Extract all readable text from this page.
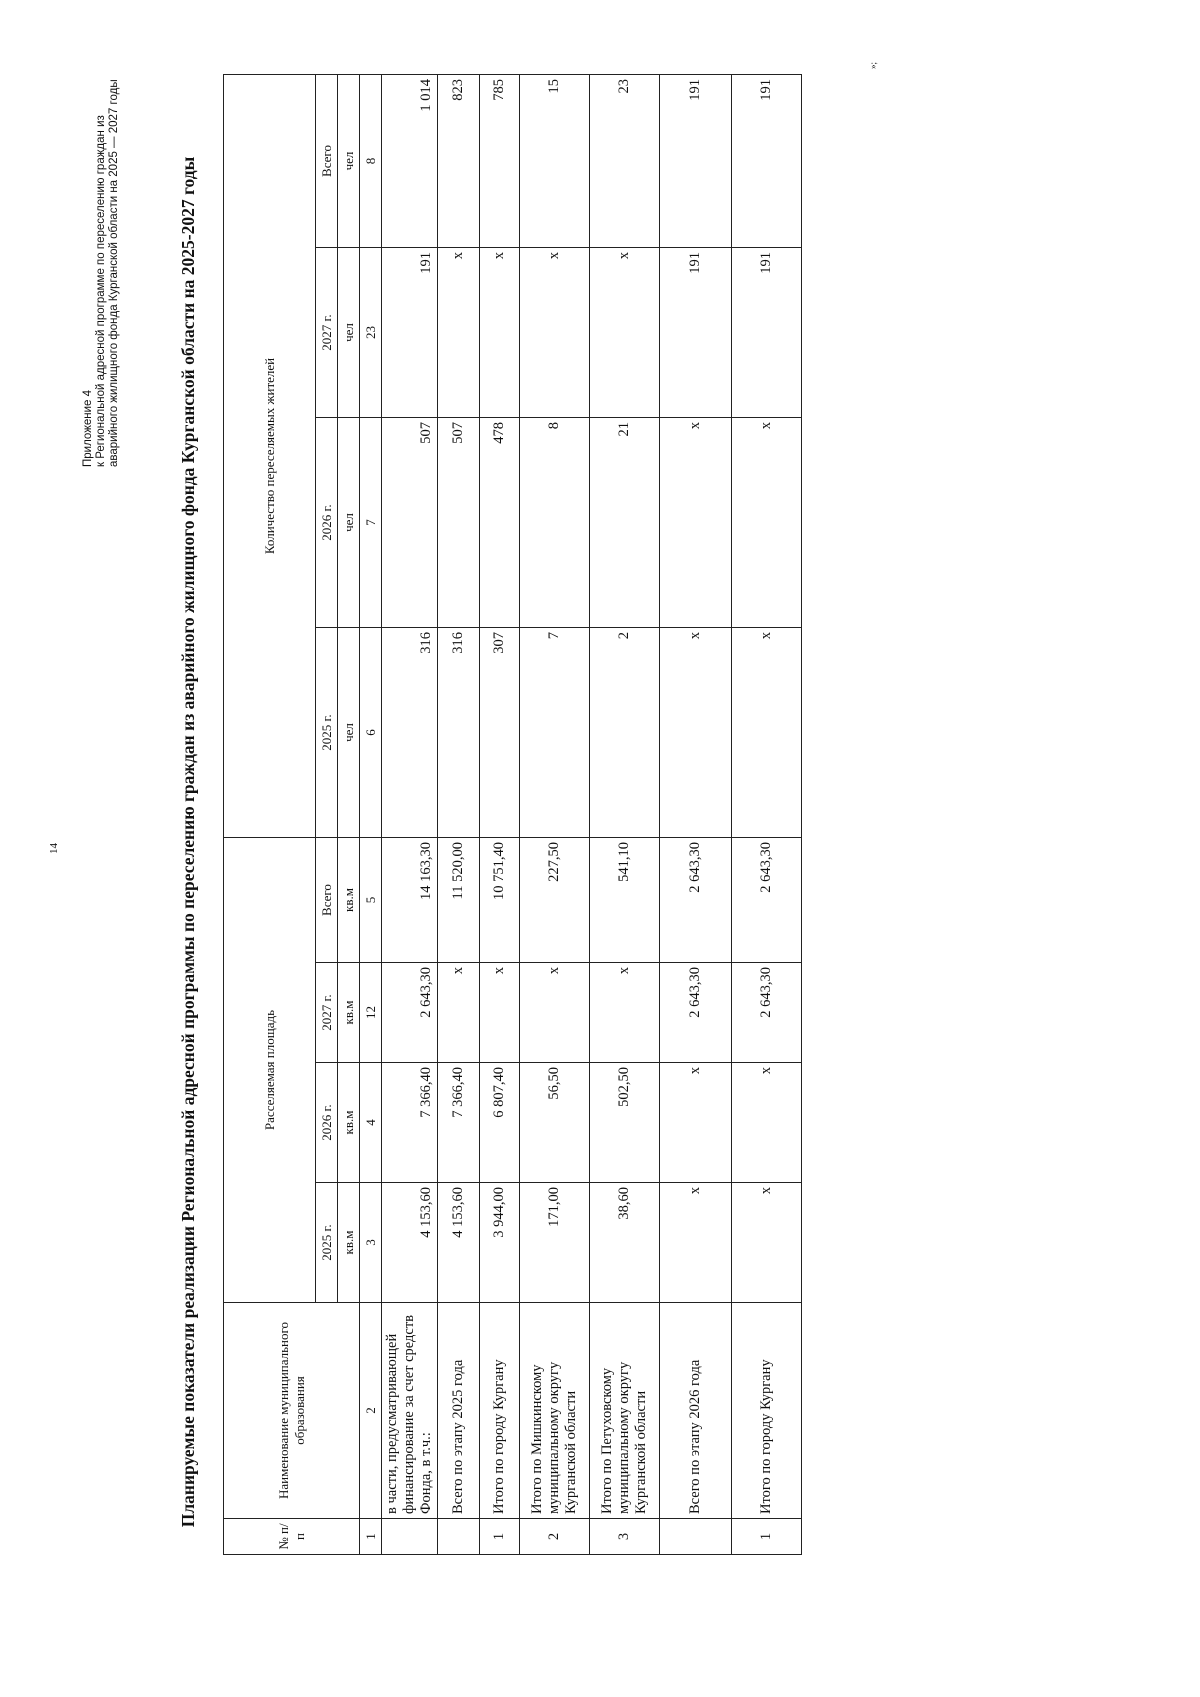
14
Приложение 4 к Региональной адресной программе по переселению граждан из аварийного жилищного фонда Курганской области на 2025 — 2027 годы	Планируемые показатели реализации Региональной адресной программы по переселению граждан из аварийного жилищного фонда Курганской области на 2025-2027 годы
»;
№ п/п	Наименование муниципального образования	Расселяемая площадь				Количество переселяемых жителей			
		2025 г.	2026 г.	2027 г.	Всего	2025 г.	2026 г.	2027 г.	Всего
		кв.м	кв.м	кв.м	кв.м	чел	чел	чел	чел
1	2	3	4	12	5	6	7	23	8
	в части, предусматривающей финансирование за счет средств Фонда, в т.ч.:	4 153,60	7 366,40	2 643,30	14 163,30	316	507	191	1 014
	Всего по этапу 2025 года	4 153,60	7 366,40	x	11 520,00	316	507	x	823
1	Итого по городу Кургану	3 944,00	6 807,40	x	10 751,40	307	478	x	785
2	Итого по Мишкинскому муниципальному округу Курганской области	171,00	56,50	x	227,50	7	8	x	15
3	Итого по Петуховскому муниципальному округу Курганской области	38,60	502,50	x	541,10	2	21	x	23
	Всего по этапу 2026 года	x	x	2 643,30	2 643,30	x	x	191	191
1	Итого по городу Кургану	x	x	2 643,30	2 643,30	x	x	191	191
